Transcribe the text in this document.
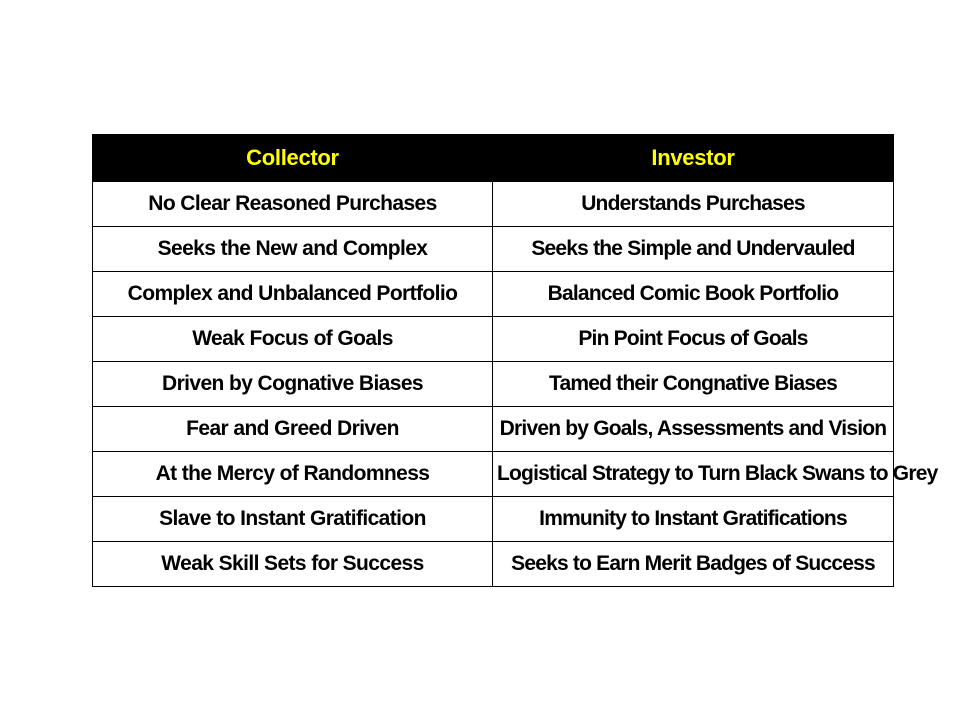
Collector	Investor
No Clear Reasoned Purchases	Understands Purchases
Seeks the New and Complex	Seeks the Simple and Undervauled
Complex and Unbalanced Portfolio	Balanced Comic Book Portfolio
Weak Focus of Goals	Pin Point Focus of Goals
Driven by Cognative Biases	Tamed their Congnative Biases
Fear and Greed Driven	Driven by Goals, Assessments and Vision
At the Mercy of Randomness	Logistical Strategy to Turn Black Swans to Grey
Slave to Instant Gratification	Immunity to Instant Gratifications
Weak Skill Sets for Success	Seeks to Earn Merit Badges of Success
